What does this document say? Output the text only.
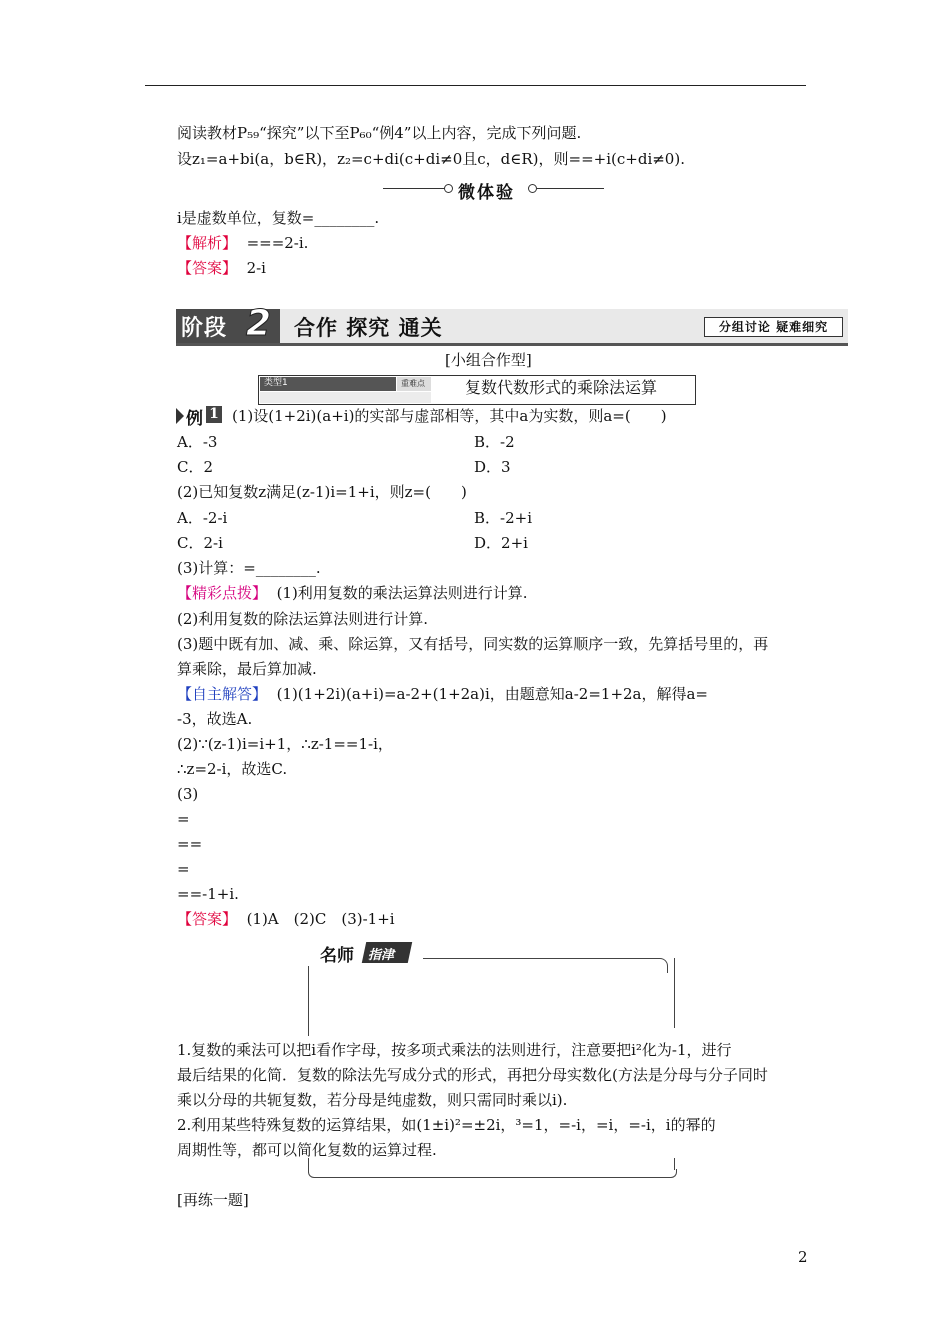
阅读教材P₅₉“探究”以下至P₆₀“例4”以上内容，完成下列问题.
设z₁=a+bi(a，b∈R)，z₂=c+di(c+di≠0且c，d∈R)，则==+i(c+di≠0).
微体验
i是虚数单位，复数=________.
【解析】 ===2-i.
【答案】 2-i
阶段 2 合作 探究 通关	分组讨论 疑难细究
[小组合作型]
类型1	重难点	复数代数形式的乘除法运算
例 1 (1)设(1+2i)(a+i)的实部与虚部相等，其中a为实数，则a=(　　)
A．-3	B．-2
C．2	D．3
(2)已知复数z满足(z-1)i=1+i，则z=(　　)
A．-2-i	B．-2+i
C．2-i	D．2+i
(3)计算：=________.
【精彩点拨】 (1)利用复数的乘法运算法则进行计算.
(2)利用复数的除法运算法则进行计算.
(3)题中既有加、减、乘、除运算，又有括号，同实数的运算顺序一致，先算括号里的，再
算乘除，最后算加减.
【自主解答】 (1)(1+2i)(a+i)=a-2+(1+2a)i，由题意知a-2=1+2a，解得a=
-3，故选A.
(2)∵(z-1)i=i+1，∴z-1==1-i，
∴z=2-i，故选C.
(3)
=
==
=
==-1+i.
【答案】 (1)A　(2)C　(3)-1+i
名师 指津
1.复数的乘法可以把i看作字母，按多项式乘法的法则进行，注意要把i²化为-1，进行
最后结果的化简．复数的除法先写成分式的形式，再把分母实数化(方法是分母与分子同时
乘以分母的共轭复数，若分母是纯虚数，则只需同时乘以i).
2.利用某些特殊复数的运算结果，如(1±i)²=±2i，³=1，=-i，=i，=-i，i的幂的
周期性等，都可以简化复数的运算过程.
[再练一题]
2
